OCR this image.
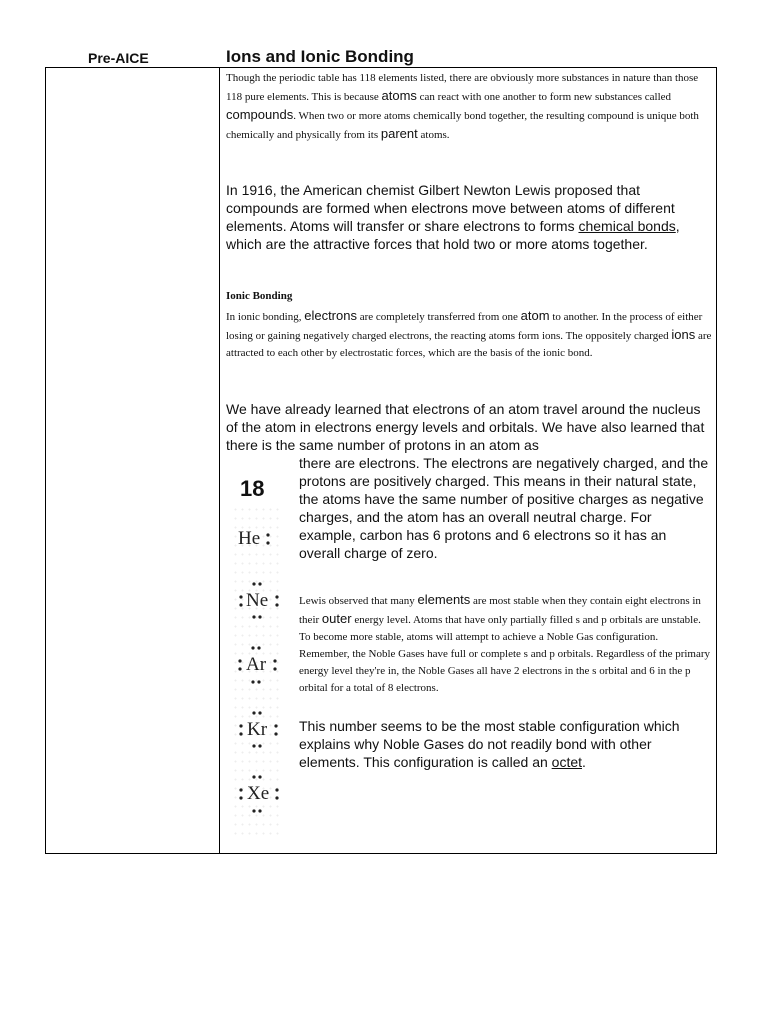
Pre-AICE	Ions and Ionic Bonding
Though the periodic table has 118 elements listed, there are obviously more substances in nature than those 118 pure elements. This is because atoms can react with one another to form new substances called compounds. When two or more atoms chemically bond together, the resulting compound is unique both chemically and physically from its parent atoms.
In 1916, the American chemist Gilbert Newton Lewis proposed that compounds are formed when electrons move between atoms of different elements. Atoms will transfer or share electrons to forms chemical bonds, which are the attractive forces that hold two or more atoms together.
Ionic Bonding
In ionic bonding, electrons are completely transferred from one atom to another. In the process of either losing or gaining negatively charged electrons, the reacting atoms form ions. The oppositely charged ions are attracted to each other by electrostatic forces, which are the basis of the ionic bond.
We have already learned that electrons of an atom travel around the nucleus of the atom in electrons energy levels and orbitals. We have also learned that there is the same number of protons in an atom as
there are electrons. The electrons are negatively charged, and the protons are positively charged. This means in their natural state, the atoms have the same number of positive charges as negative charges, and the atom has an overall neutral charge. For example, carbon has 6 protons and 6 electrons so it has an overall charge of zero.
Lewis observed that many elements are most stable when they contain eight electrons in their outer energy level. Atoms that have only partially filled s and p orbitals are unstable. To become more stable, atoms will attempt to achieve a Noble Gas configuration. Remember, the Noble Gases have full or complete s and p orbitals. Regardless of the primary energy level they're in, the Noble Gases all have 2 electrons in the s orbital and 6 in the p orbital for a total of 8 electrons.
This number seems to be the most stable configuration which explains why Noble Gases do not readily bond with other elements. This configuration is called an octet.
18
He
Ne
Ar
Kr
Xe
